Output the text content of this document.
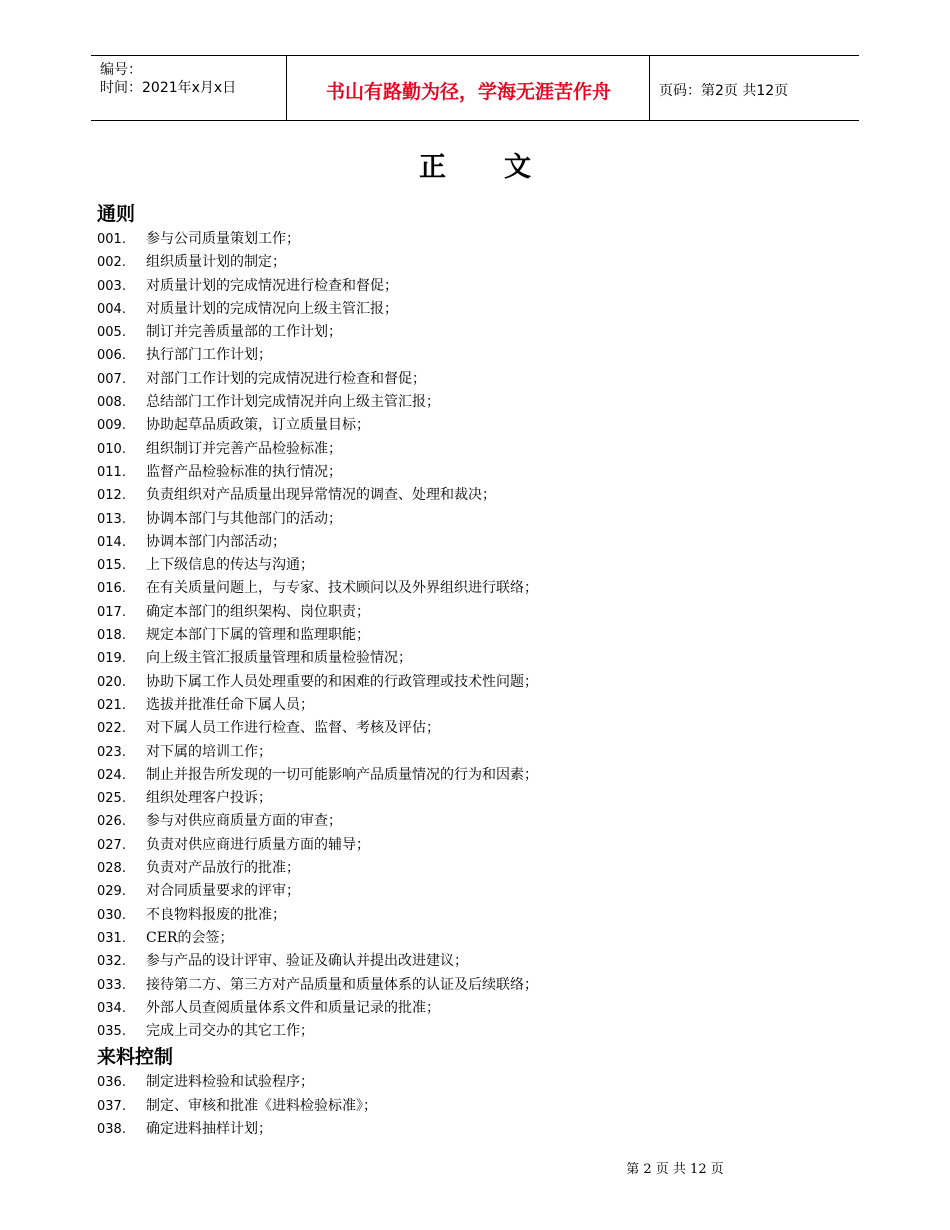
编号：
时间：2021年x月x日	书山有路勤为径，学海无涯苦作舟	页码：第2页 共12页
正文
通则
001. 参与公司质量策划工作；
002. 组织质量计划的制定；
003. 对质量计划的完成情况进行检查和督促；
004. 对质量计划的完成情况向上级主管汇报；
005. 制订并完善质量部的工作计划；
006. 执行部门工作计划；
007. 对部门工作计划的完成情况进行检查和督促；
008. 总结部门工作计划完成情况并向上级主管汇报；
009. 协助起草品质政策，订立质量目标；
010. 组织制订并完善产品检验标准；
011. 监督产品检验标准的执行情况；
012. 负责组织对产品质量出现异常情况的调查、处理和裁决；
013. 协调本部门与其他部门的活动；
014. 协调本部门内部活动；
015. 上下级信息的传达与沟通；
016. 在有关质量问题上，与专家、技术顾问以及外界组织进行联络；
017. 确定本部门的组织架构、岗位职责；
018. 规定本部门下属的管理和监理职能；
019. 向上级主管汇报质量管理和质量检验情况；
020. 协助下属工作人员处理重要的和困难的行政管理或技术性问题；
021. 选拔并批准任命下属人员；
022. 对下属人员工作进行检查、监督、考核及评估；
023. 对下属的培训工作；
024. 制止并报告所发现的一切可能影响产品质量情况的行为和因素；
025. 组织处理客户投诉；
026. 参与对供应商质量方面的审查；
027. 负责对供应商进行质量方面的辅导；
028. 负责对产品放行的批准；
029. 对合同质量要求的评审；
030. 不良物料报废的批准；
031. CER的会签；
032. 参与产品的设计评审、验证及确认并提出改进建议；
033. 接待第二方、第三方对产品质量和质量体系的认证及后续联络；
034. 外部人员查阅质量体系文件和质量记录的批准；
035. 完成上司交办的其它工作；
来料控制
036. 制定进料检验和试验程序；
037. 制定、审核和批准《进料检验标准》；
038. 确定进料抽样计划；
第 2 页 共 12 页
